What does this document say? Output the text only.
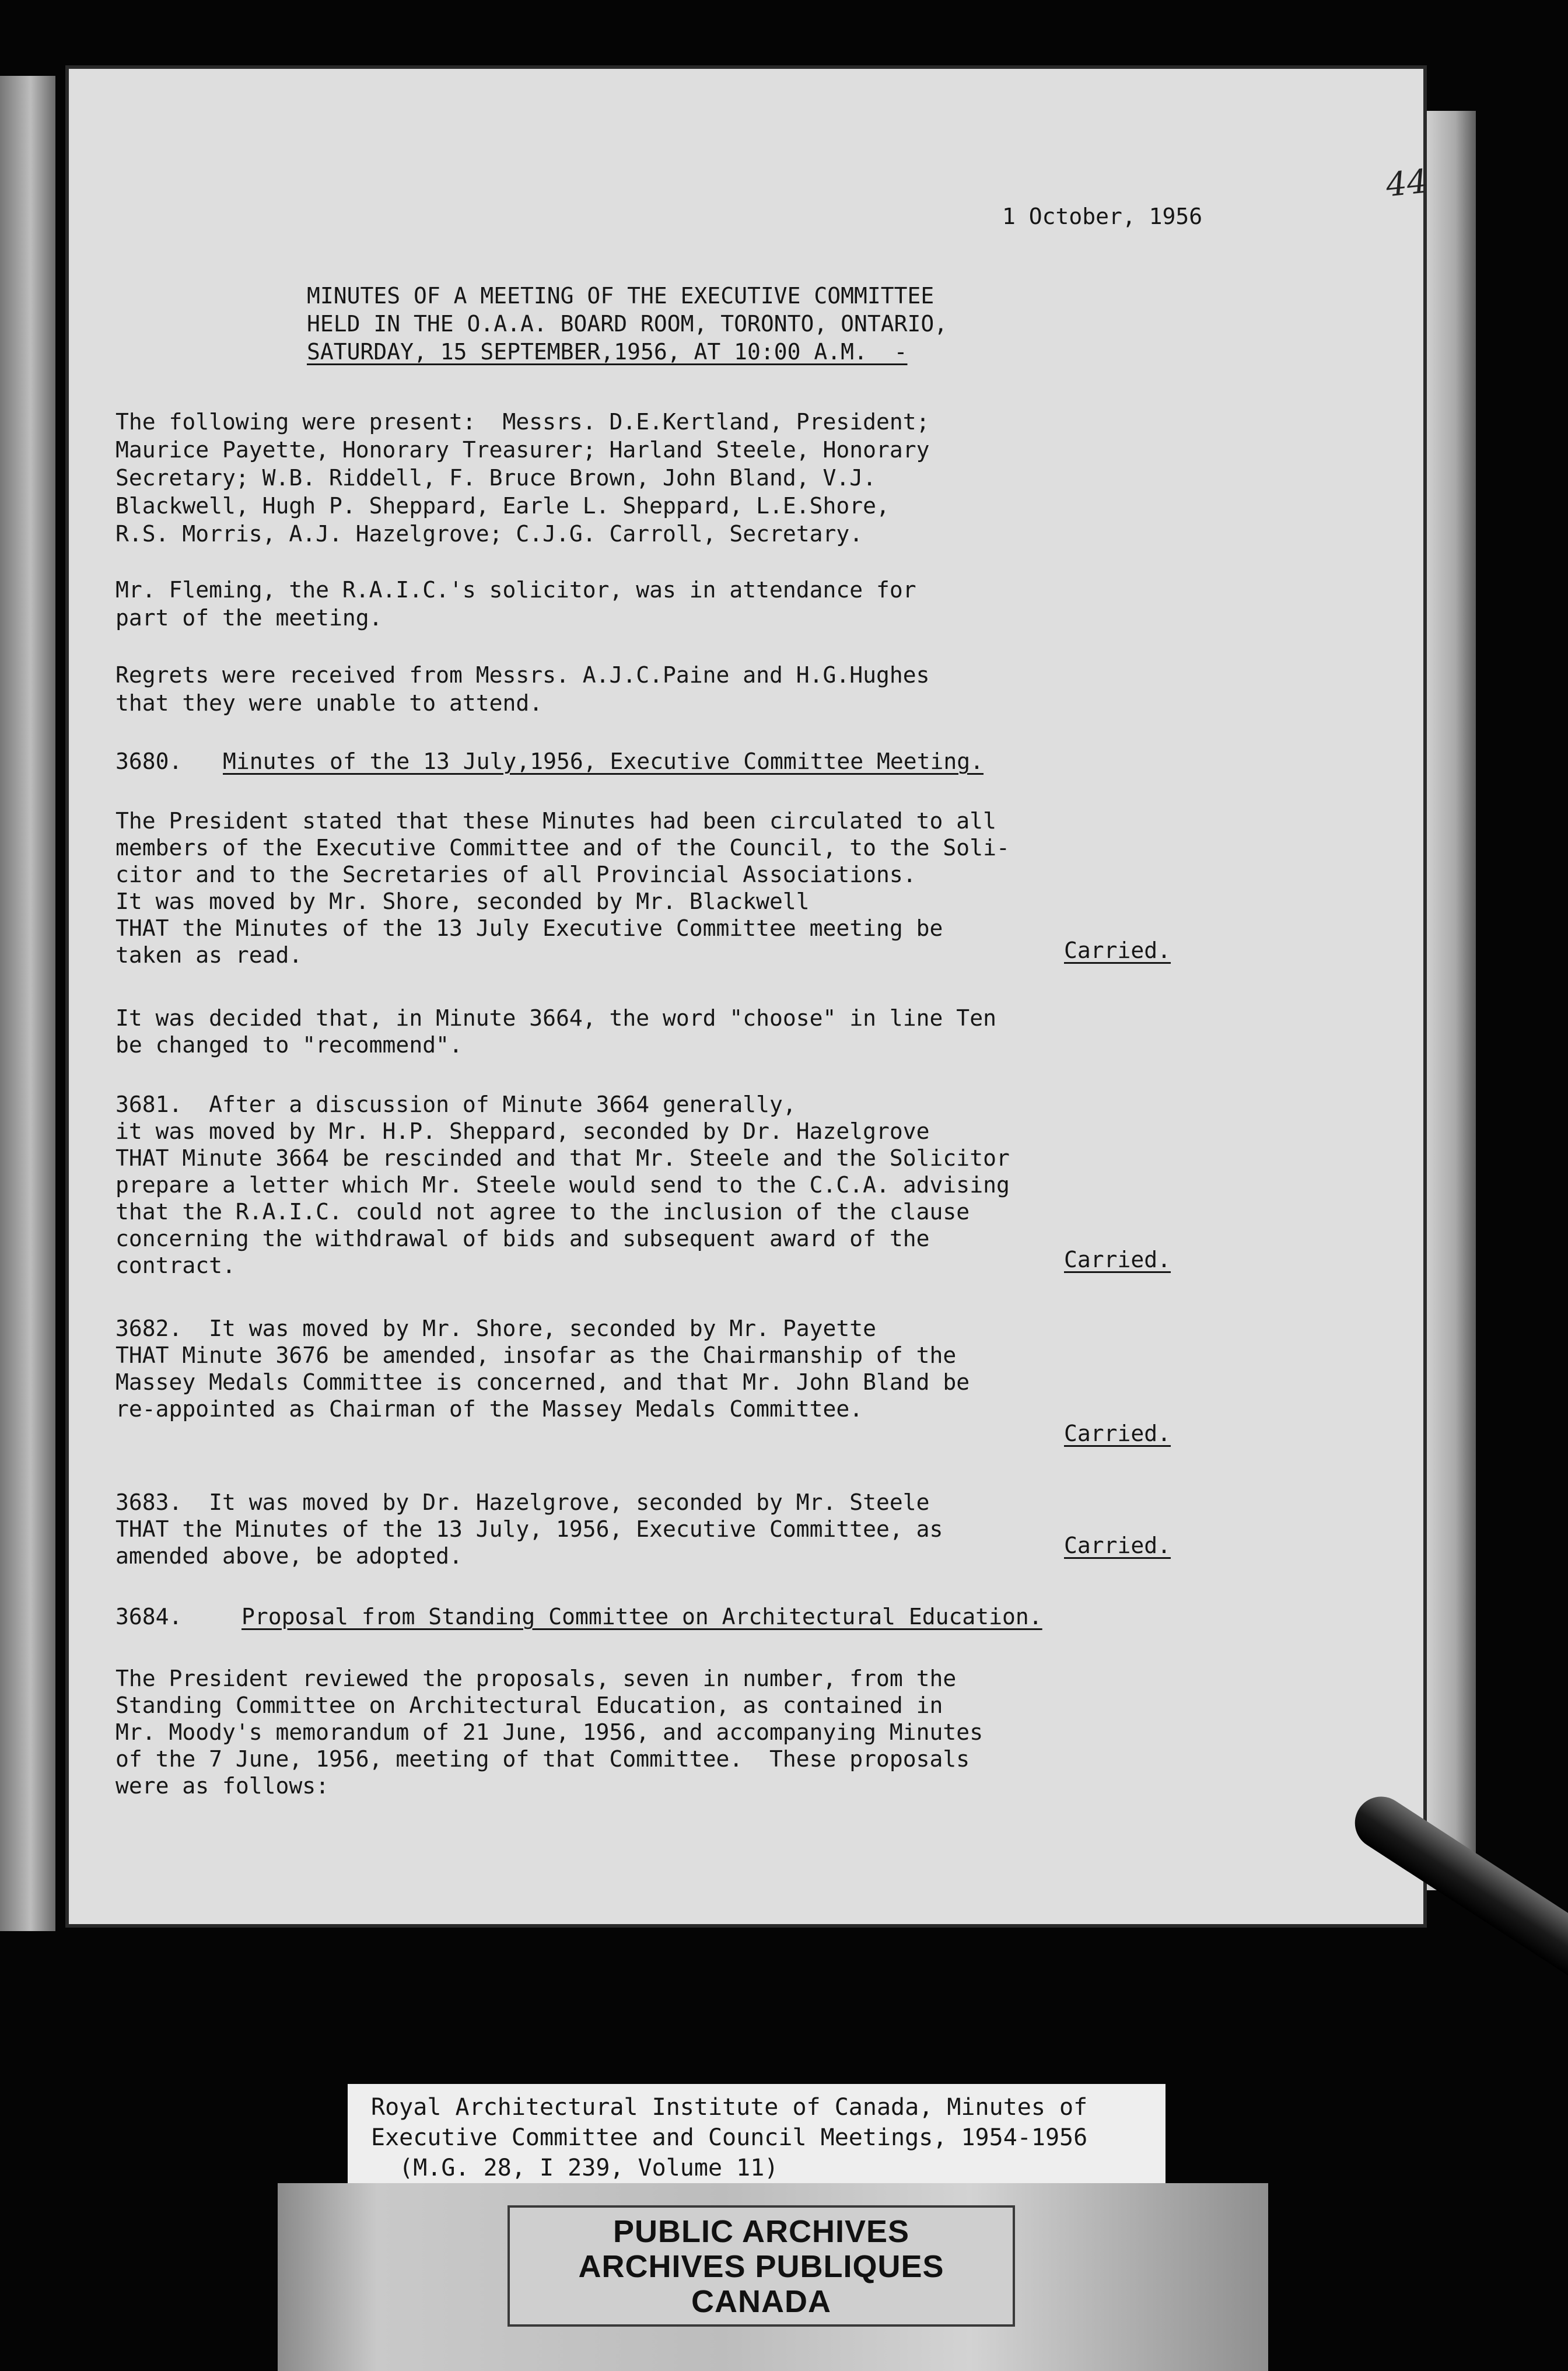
44
1 October, 1956
MINUTES OF A MEETING OF THE EXECUTIVE COMMITTEE
HELD IN THE O.A.A. BOARD ROOM, TORONTO, ONTARIO,
SATURDAY, 15 SEPTEMBER,1956, AT 10:00 A.M.  -
The following were present:  Messrs. D.E.Kertland, President;
Maurice Payette, Honorary Treasurer; Harland Steele, Honorary
Secretary; W.B. Riddell, F. Bruce Brown, John Bland, V.J.
Blackwell, Hugh P. Sheppard, Earle L. Sheppard, L.E.Shore,
R.S. Morris, A.J. Hazelgrove; C.J.G. Carroll, Secretary.
Mr. Fleming, the R.A.I.C.'s solicitor, was in attendance for
part of the meeting.
Regrets were received from Messrs. A.J.C.Paine and H.G.Hughes
that they were unable to attend.
3680. Minutes of the 13 July,1956, Executive Committee Meeting.
The President stated that these Minutes had been circulated to all
members of the Executive Committee and of the Council, to the Soli-
citor and to the Secretaries of all Provincial Associations.
It was moved by Mr. Shore, seconded by Mr. Blackwell
THAT the Minutes of the 13 July Executive Committee meeting be
taken as read.	Carried.
It was decided that, in Minute 3664, the word "choose" in line Ten
be changed to "recommend".
3681.  After a discussion of Minute 3664 generally,
it was moved by Mr. H.P. Sheppard, seconded by Dr. Hazelgrove
THAT Minute 3664 be rescinded and that Mr. Steele and the Solicitor
prepare a letter which Mr. Steele would send to the C.C.A. advising
that the R.A.I.C. could not agree to the inclusion of the clause
concerning the withdrawal of bids and subsequent award of the
contract.	Carried.
3682.  It was moved by Mr. Shore, seconded by Mr. Payette
THAT Minute 3676 be amended, insofar as the Chairmanship of the
Massey Medals Committee is concerned, and that Mr. John Bland be
re-appointed as Chairman of the Massey Medals Committee.
Carried.
3683.  It was moved by Dr. Hazelgrove, seconded by Mr. Steele
THAT the Minutes of the 13 July, 1956, Executive Committee, as
amended above, be adopted.	Carried.
3684.	Proposal from Standing Committee on Architectural Education.
The President reviewed the proposals, seven in number, from the
Standing Committee on Architectural Education, as contained in
Mr. Moody's memorandum of 21 June, 1956, and accompanying Minutes
of the 7 June, 1956, meeting of that Committee.  These proposals
were as follows:
Royal Architectural Institute of Canada, Minutes of
Executive Committee and Council Meetings, 1954-1956
(M.G. 28, I 239, Volume 11)
PUBLIC ARCHIVES
ARCHIVES PUBLIQUES
CANADA
